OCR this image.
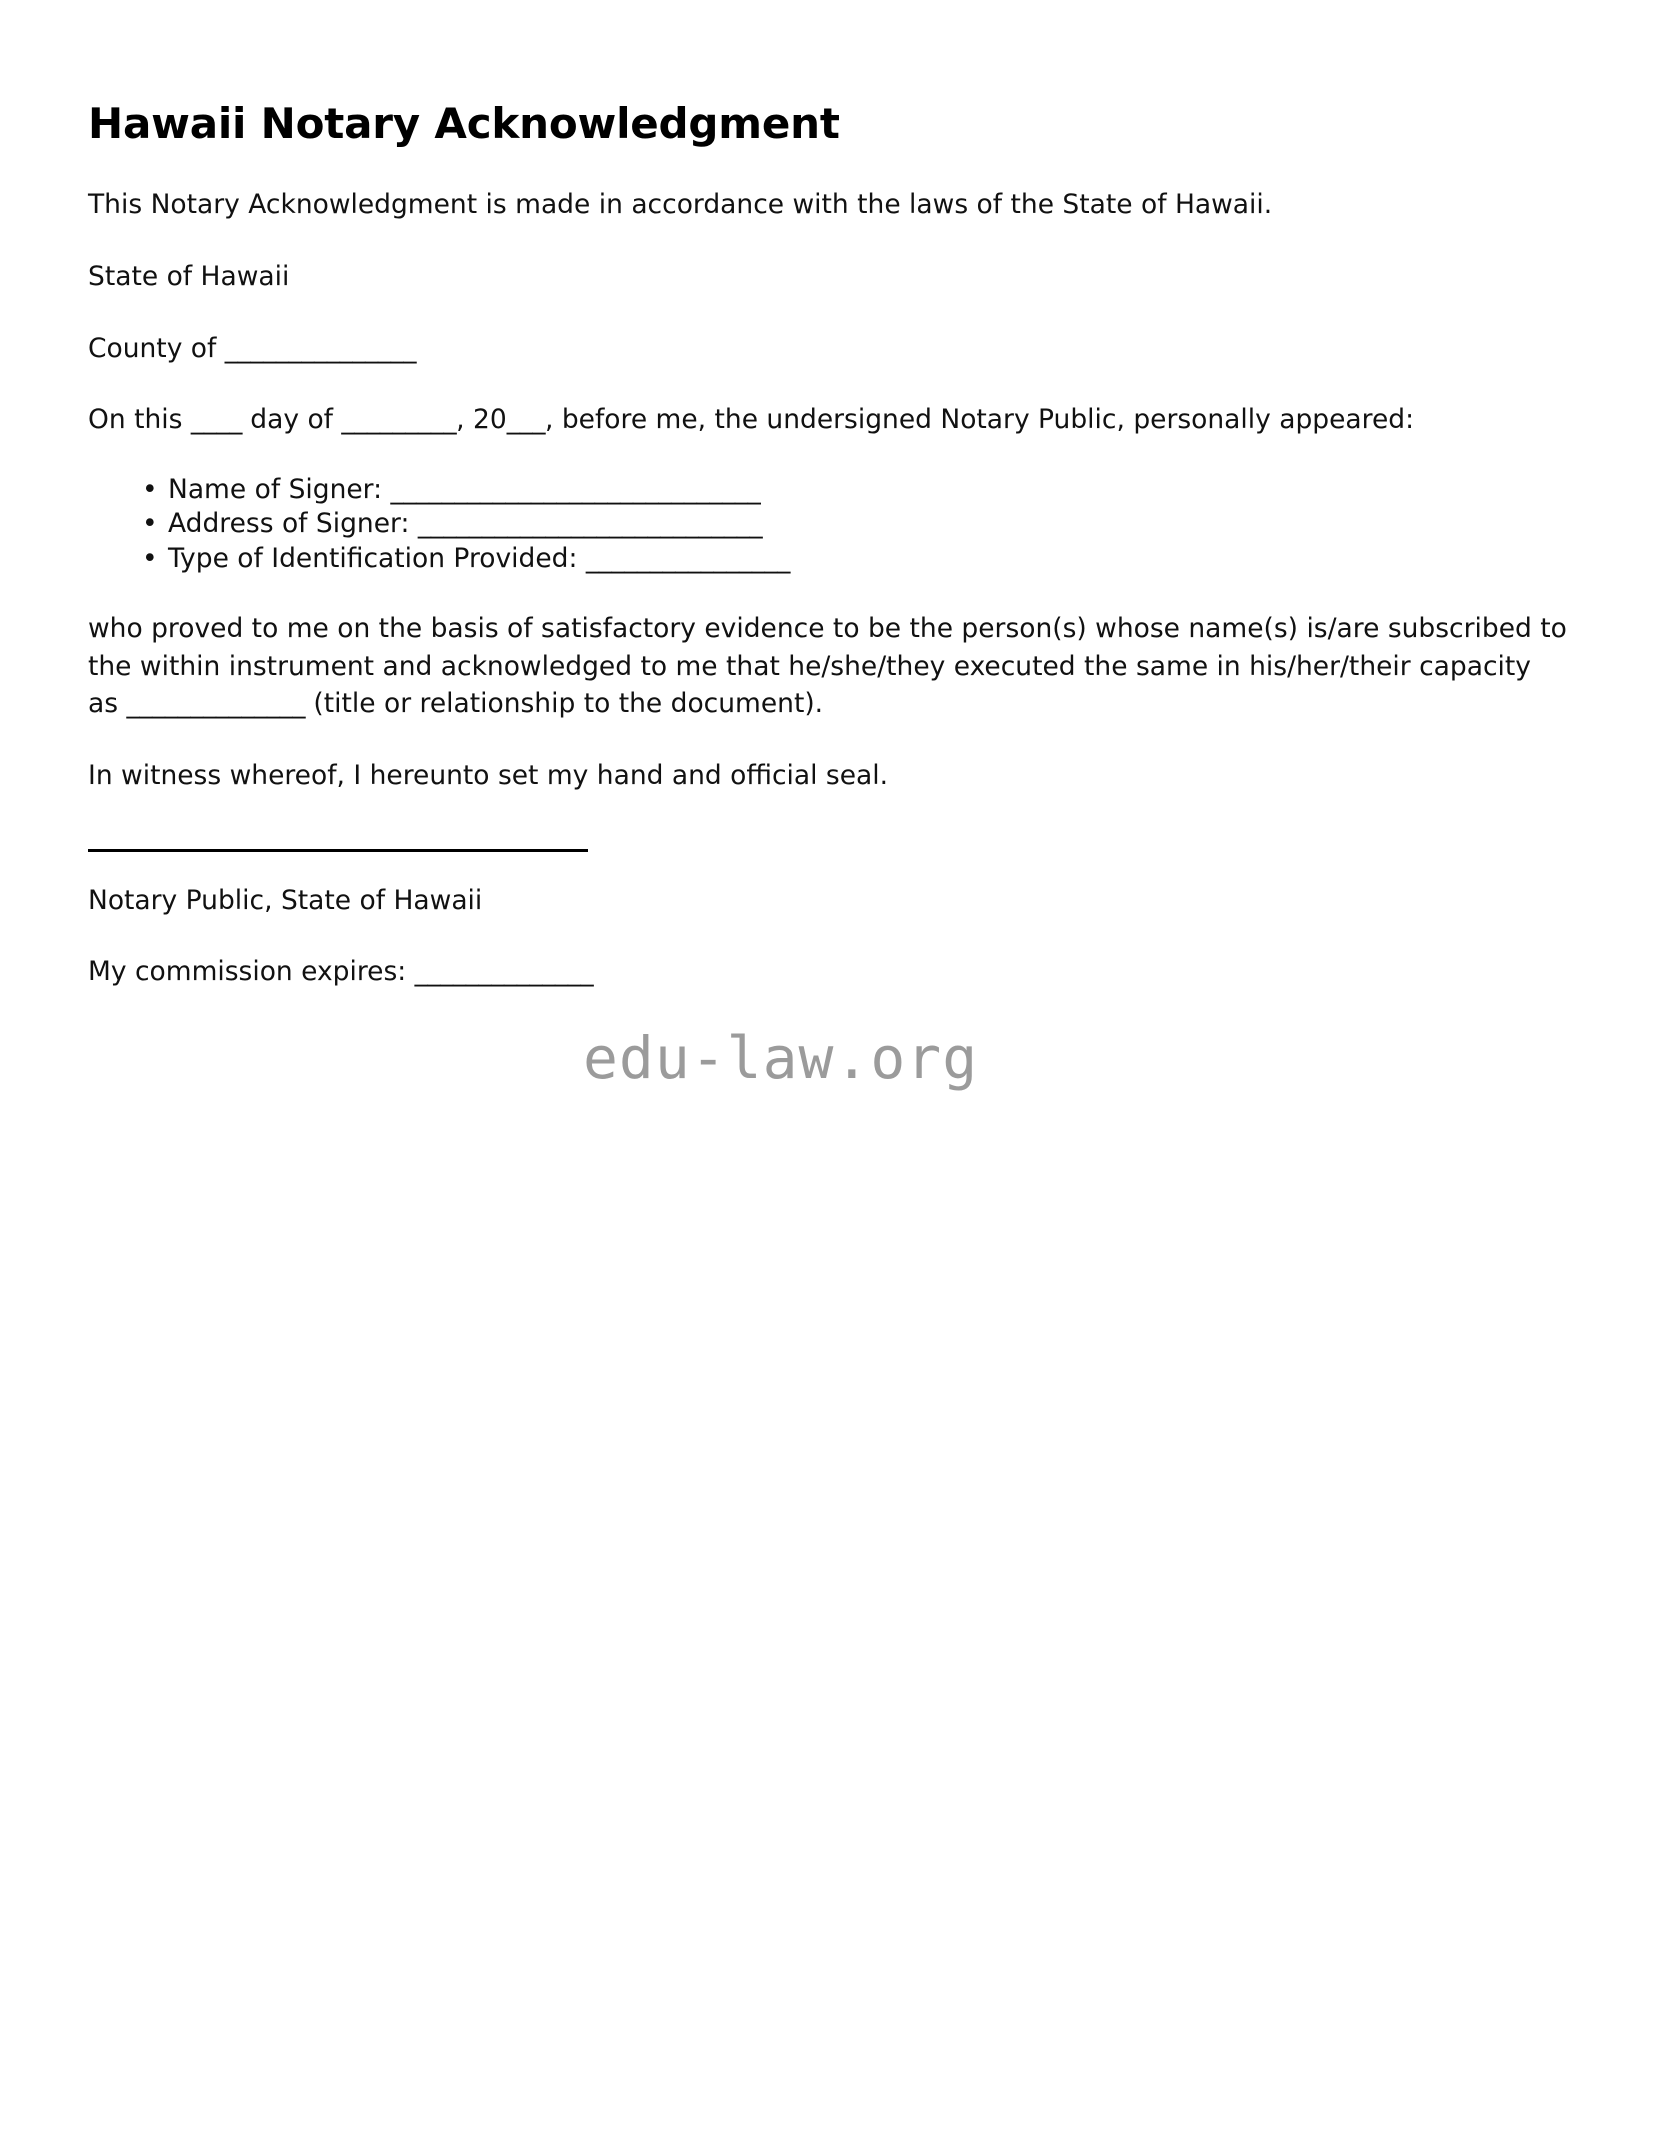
Hawaii Notary Acknowledgment

This Notary Acknowledgment is made in accordance with the laws of the State of Hawaii.

State of Hawaii

County of _______________

On this ____ day of _________, 20___, before me, the undersigned Notary Public, personally appeared:

• Name of Signer: _____________________________
• Address of Signer: ___________________________
• Type of Identification Provided: ________________

who proved to me on the basis of satisfactory evidence to be the person(s) whose name(s) is/are subscribed to the within instrument and acknowledged to me that he/she/they executed the same in his/her/their capacity as ______________ (title or relationship to the document).

In witness whereof, I hereunto set my hand and official seal.

Notary Public, State of Hawaii

My commission expires: ______________

edu-law.org
